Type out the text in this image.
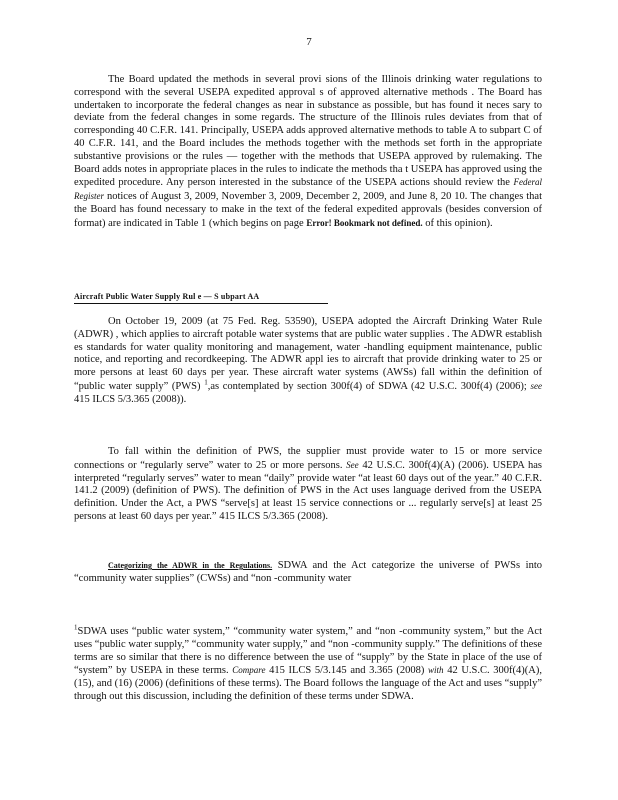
7
The Board updated the methods in several provi sions of the Illinois drinking water regulations to correspond with the several USEPA expedited approval s of approved alternative methods . The Board has undertaken to incorporate the federal changes as near in substance as possible, but has found it neces sary to deviate from the federal changes in some regards. The structure of the Illinois rules deviates from that of corresponding 40 C.F.R. 141. Principally, USEPA adds approved alternative methods to table A to subpart C of 40 C.F.R. 141, and the Board includes the methods together with the methods set forth in the appropriate substantive provisions or the rules — together with the methods that USEPA approved by rulemaking. The Board adds notes in appropriate places in the rules to indicate the methods tha t USEPA has approved using the expedited procedure. Any person interested in the substance of the USEPA actions should review the Federal Register notices of August 3, 2009, November 3, 2009, December 2, 2009, and June 8, 20 10. The changes that the Board has found necessary to make in the text of the federal expedited approvals (besides conversion of format) are indicated in Table 1 (which begins on page Error! Bookmark not defined. of this opinion).
Aircraft Public Water Supply Rul e — S ubpart AA
On October 19, 2009 (at 75 Fed. Reg. 53590), USEPA adopted the Aircraft Drinking Water Rule (ADWR) , which applies to aircraft potable water systems that are public water supplies . The ADWR establish es standards for water quality monitoring and management, water -handling equipment maintenance, public notice, and reporting and recordkeeping. The ADWR appl ies to aircraft that provide drinking water to 25 or more persons at least 60 days per year. These aircraft water systems (AWSs) fall within the definition of “public water supply” (PWS) $^1$,as contemplated by section 300f(4) of SDWA (42 U.S.C. 300f(4) (2006); see 415 ILCS 5/3.365 (2008)).
To fall within the definition of PWS, the supplier must provide water to 15 or more service connections or “regularly serve” water to 25 or more persons. See 42 U.S.C. 300f(4)(A) (2006). USEPA has interpreted “regularly serves” water to mean “daily” provide water “at least 60 days out of the year.” 40 C.F.R. 141.2 (2009) (definition of PWS). The definition of PWS in the Act uses language derived from the USEPA definition. Under the Act, a PWS “serve[s] at least 15 service connections or ... regularly serve[s] at least 25 persons at least 60 days per year.” 415 ILCS 5/3.365 (2008).
Categorizing the ADWR in the Regulations. SDWA and the Act categorize the universe of PWSs into “community water supplies” (CWSs) and “non -community water
$^1$SDWA uses “public water system,” “community water system,” and “non -community system,” but the Act uses “public water supply,” “community water supply,” and “non -community supply.” The definitions of these terms are so similar that there is no difference between the use of “supply” by the State in place of the use of “system” by USEPA in these terms. Compare 415 ILCS 5/3.145 and 3.365 (2008) with 42 U.S.C. 300f(4)(A), (15), and (16) (2006) (definitions of these terms). The Board follows the language of the Act and uses “supply” through out this discussion, including the definition of these terms under SDWA.
